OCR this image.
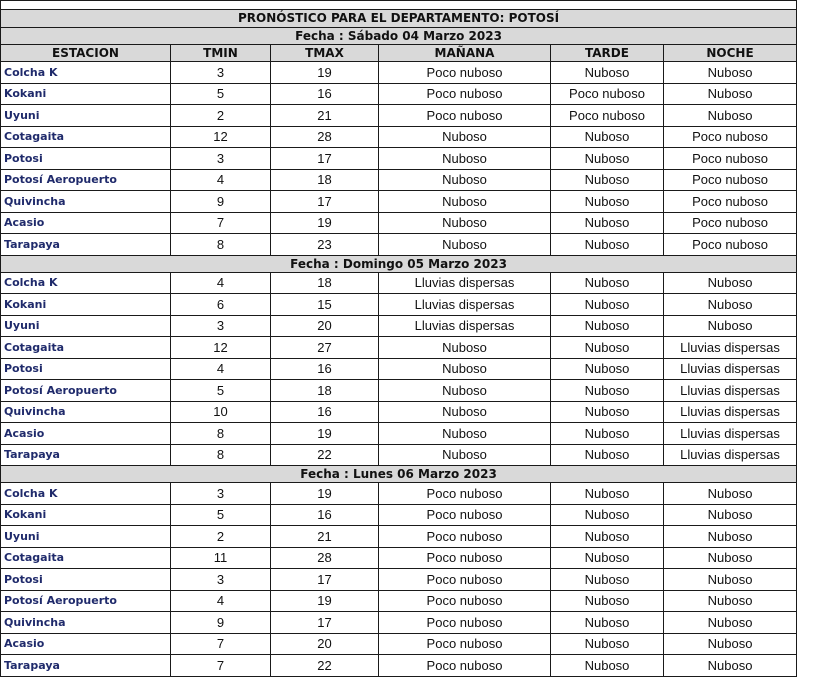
PRONÓSTICO PARA EL DEPARTAMENTO: POTOSÍ					
Fecha : Sábado 04 Marzo 2023					
ESTACION	TMIN	TMAX	MAÑANA	TARDE	NOCHE
Colcha K	3	19	Poco nuboso	Nuboso	Nuboso
Kokani	5	16	Poco nuboso	Poco nuboso	Nuboso
Uyuni	2	21	Poco nuboso	Poco nuboso	Nuboso
Cotagaita	12	28	Nuboso	Nuboso	Poco nuboso
Potosi	3	17	Nuboso	Nuboso	Poco nuboso
Potosí Aeropuerto	4	18	Nuboso	Nuboso	Poco nuboso
Quivincha	9	17	Nuboso	Nuboso	Poco nuboso
Acasio	7	19	Nuboso	Nuboso	Poco nuboso
Tarapaya	8	23	Nuboso	Nuboso	Poco nuboso
Fecha : Domingo 05 Marzo 2023					
Colcha K	4	18	Lluvias dispersas	Nuboso	Nuboso
Kokani	6	15	Lluvias dispersas	Nuboso	Nuboso
Uyuni	3	20	Lluvias dispersas	Nuboso	Nuboso
Cotagaita	12	27	Nuboso	Nuboso	Lluvias dispersas
Potosi	4	16	Nuboso	Nuboso	Lluvias dispersas
Potosí Aeropuerto	5	18	Nuboso	Nuboso	Lluvias dispersas
Quivincha	10	16	Nuboso	Nuboso	Lluvias dispersas
Acasio	8	19	Nuboso	Nuboso	Lluvias dispersas
Tarapaya	8	22	Nuboso	Nuboso	Lluvias dispersas
Fecha : Lunes 06 Marzo 2023					
Colcha K	3	19	Poco nuboso	Nuboso	Nuboso
Kokani	5	16	Poco nuboso	Nuboso	Nuboso
Uyuni	2	21	Poco nuboso	Nuboso	Nuboso
Cotagaita	11	28	Poco nuboso	Nuboso	Nuboso
Potosi	3	17	Poco nuboso	Nuboso	Nuboso
Potosí Aeropuerto	4	19	Poco nuboso	Nuboso	Nuboso
Quivincha	9	17	Poco nuboso	Nuboso	Nuboso
Acasio	7	20	Poco nuboso	Nuboso	Nuboso
Tarapaya	7	22	Poco nuboso	Nuboso	Nuboso
